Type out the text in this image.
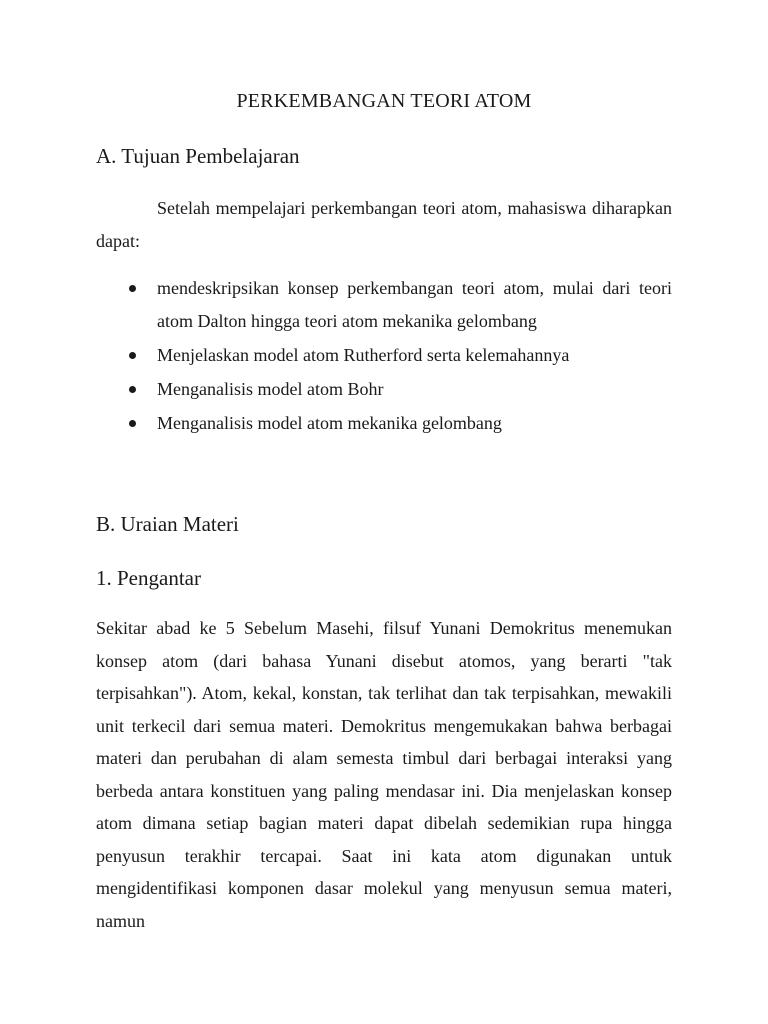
PERKEMBANGAN TEORI ATOM
A. Tujuan Pembelajaran

Setelah mempelajari perkembangan teori atom, mahasiswa diharapkan dapat:

mendeskripsikan konsep perkembangan teori atom, mulai dari teori atom Dalton hingga teori atom mekanika gelombang
Menjelaskan model atom Rutherford serta kelemahannya
Menganalisis model atom Bohr
Menganalisis model atom mekanika gelombang
B. Uraian Materi
1. Pengantar

Sekitar abad ke 5 Sebelum Masehi, filsuf Yunani Demokritus menemukan konsep atom (dari bahasa Yunani disebut atomos, yang berarti "tak terpisahkan"). Atom, kekal, konstan, tak terlihat dan tak terpisahkan, mewakili unit terkecil dari semua materi. Demokritus mengemukakan bahwa berbagai materi dan perubahan di alam semesta timbul dari berbagai interaksi yang berbeda antara konstituen yang paling mendasar ini. Dia menjelaskan konsep atom dimana setiap bagian materi dapat dibelah sedemikian rupa hingga penyusun terakhir tercapai. Saat ini kata atom digunakan untuk mengidentifikasi komponen dasar molekul yang menyusun semua materi, namun
